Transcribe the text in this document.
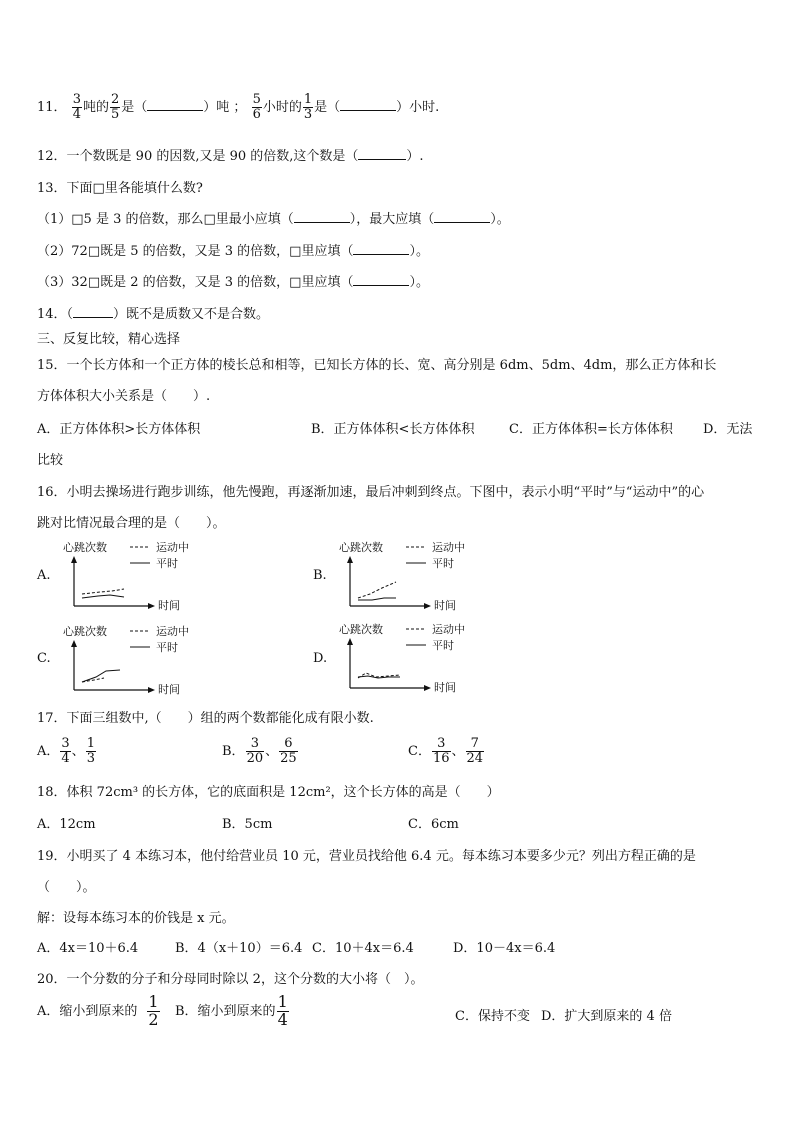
11． $\frac{3}{4}$ 吨的 $\frac{2}{5}$ 是（	）吨 ； $\frac{5}{6}$ 小时的 $\frac{1}{3}$ 是（	）小时.
12．一个数既是 90 的因数,又是 90 的倍数,这个数是（	）.
13．下面□里各能填什么数?
（1）□5 是 3 的倍数，那么□里最小应填（	），最大应填（	）。
（2）72□既是 5 的倍数，又是 3 的倍数，□里应填（	）。
（3）32□既是 2 的倍数，又是 3 的倍数，□里应填（	）。
14．（	）既不是质数又不是合数。
三、反复比较，精心选择
15．一个长方体和一个正方体的棱长总和相等，已知长方体的长、宽、高分别是 6dm、5dm、4dm，那么正方体和长
方体体积大小关系是（　　）.
A．正方体体积>长方体体积	B．正方体体积<长方体体积	C．正方体体积=长方体体积 D．无法
比较
16．小明去操场进行跑步训练，他先慢跑，再逐渐加速，最后冲刺到终点。下图中，表示小明“平时”与“运动中”的心
跳对比情况最合理的是（　　）。
A.	B.
C.	D.
心跳次数
时间
运动中
平时
心跳次数
时间
运动中
平时
心跳次数
时间
运动中
平时
心跳次数
时间
运动中
平时
17．下面三组数中,（　　）组的两个数都能化成有限小数.
A． $\frac{3}{4}$ 、 $\frac{1}{3}$	B． $\frac{3}{20}$ 、 $\frac{6}{25}$	C． $\frac{3}{16}$ 、 $\frac{7}{24}$
18．体积 72cm³ 的长方体，它的底面积是 12cm²，这个长方体的高是（　　）
A．12cm	B．5cm	C．6cm
19．小明买了 4 本练习本，他付给营业员 10 元，营业员找给他 6.4 元。每本练习本要多少元？列出方程正确的是
（　　）。
解：设每本练习本的价钱是 x 元。
A．4x＝10＋6.4	B．4（x＋10）＝6.4 C．10＋4x＝6.4	D．10－4x＝6.4
20．一个分数的分子和分母同时除以 2，这个分数的大小将（　）。
A．缩小到原来的 $\frac{1}{2}$ B．缩小到原来的 $\frac{1}{4}$	C．保持不变 D．扩大到原来的 4 倍
